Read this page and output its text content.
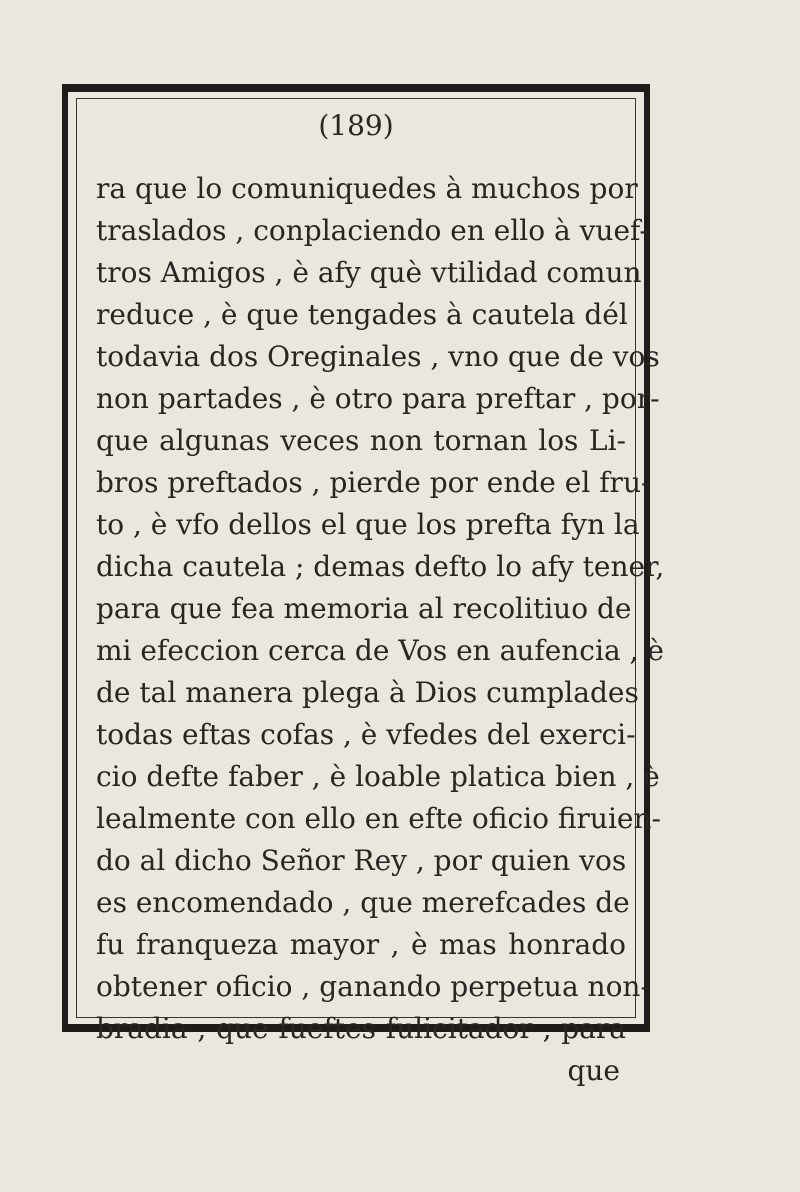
(189)
ra que lo comuniquedes à muchos por
traslados , conplaciendo en ello à vuef-
tros Amigos , è afy què vtilidad comun
reduce , è que tengades à cautela dél
todavia dos Oreginales , vno que de vos
non partades , è otro para preftar , por-
que algunas veces non tornan los Li-
bros preftados , pierde por ende el fru-
to , è vfo dellos el que los prefta fyn la
dicha cautela ; demas defto lo afy tener,
para que fea memoria al recolitiuo de
mi efeccion cerca de Vos en aufencia , è
de tal manera plega à Dios cumplades
todas eftas cofas , è vfedes del exerci-
cio defte faber , è loable platica bien , è
lealmente con ello en efte oficio firuien-
do al dicho Señor Rey , por quien vos
es encomendado , que merefcades de
fu franqueza mayor , è mas honrado
obtener oficio , ganando perpetua non-
bradia , que fueftes fulicitador , para
que
